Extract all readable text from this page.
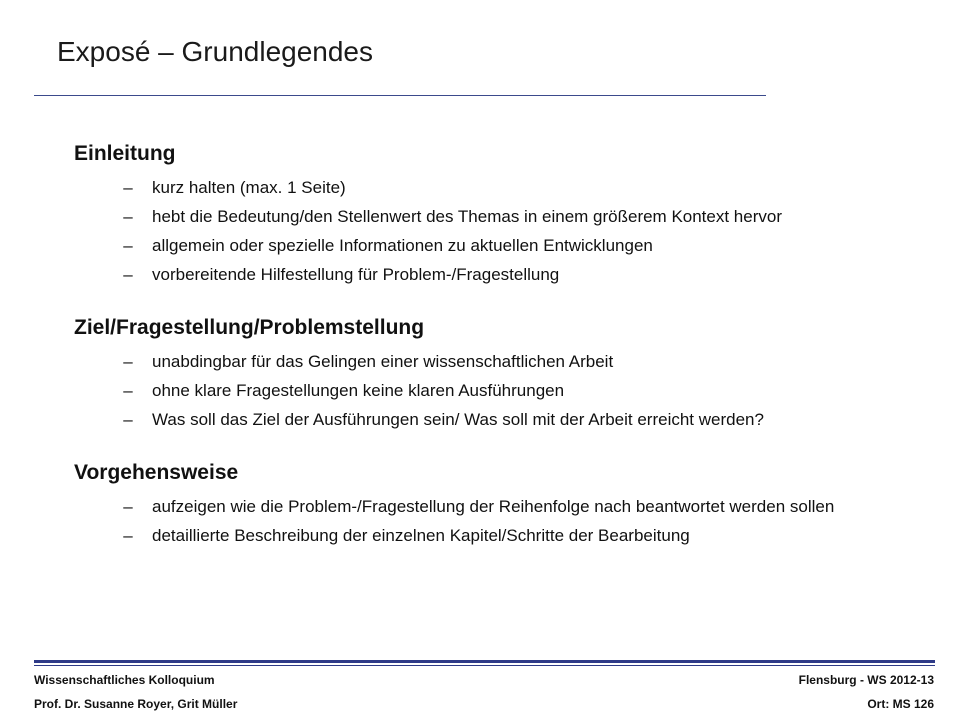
Exposé – Grundlegendes
Einleitung
–	kurz halten (max. 1 Seite)
–	hebt die Bedeutung/den Stellenwert des Themas in einem größerem Kontext hervor
–	allgemein oder spezielle Informationen zu aktuellen Entwicklungen
–	vorbereitende Hilfestellung für Problem-/Fragestellung
Ziel/Fragestellung/Problemstellung
–	unabdingbar für das Gelingen einer wissenschaftlichen Arbeit
–	ohne klare Fragestellungen keine klaren Ausführungen
–	Was soll das Ziel der Ausführungen sein/ Was soll mit der Arbeit erreicht werden?
Vorgehensweise
–	aufzeigen wie die Problem-/Fragestellung der Reihenfolge nach beantwortet werden sollen
–	detaillierte Beschreibung der einzelnen Kapitel/Schritte der Bearbeitung
Wissenschaftliches Kolloquium
Prof. Dr. Susanne Royer, Grit Müller
Flensburg - WS 2012-13
Ort: MS 126
